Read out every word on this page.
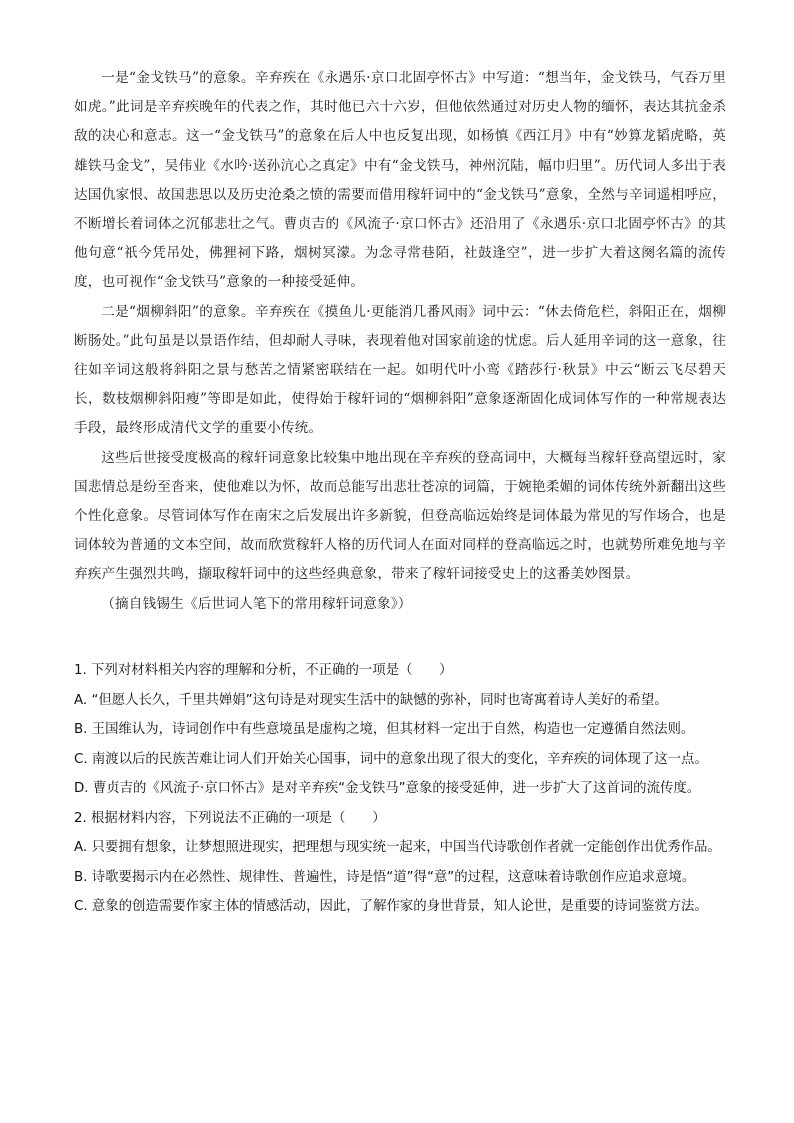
一是“金戈铁马”的意象。辛弃疾在《永遇乐·京口北固亭怀古》中写道：“想当年，金戈铁马，气吞万里如虎。”此词是辛弃疾晚年的代表之作，其时他已六十六岁，但他依然通过对历史人物的缅怀，表达其抗金杀敌的决心和意志。这一“金戈铁马”的意象在后人中也反复出现，如杨慎《西江月》中有“妙算龙韬虎略，英雄铁马金戈”，吴伟业《水吟·送孙沆心之真定》中有“金戈铁马，神州沉陆，幅巾归里”。历代词人多出于表达国仇家恨、故国悲思以及历史沧桑之愤的需要而借用稼轩词中的“金戈铁马”意象，全然与辛词遥相呼应，不断增长着词体之沉郁悲壮之气。曹贞吉的《风流子·京口怀古》还沿用了《永遇乐·京口北固亭怀古》的其他句意“祇今凭吊处，佛狸祠下路，烟树冥濛。为念寻常巷陌，社鼓逢空”，进一步扩大着这阕名篇的流传度，也可视作“金戈铁马”意象的一种接受延伸。

二是“烟柳斜阳”的意象。辛弃疾在《摸鱼儿·更能消几番风雨》词中云：“休去倚危栏，斜阳正在，烟柳断肠处。”此句虽是以景语作结，但却耐人寻味，表现着他对国家前途的忧虑。后人延用辛词的这一意象，往往如辛词这般将斜阳之景与愁苦之情紧密联结在一起。如明代叶小鸾《踏莎行·秋景》中云“断云飞尽碧天长，数枝烟柳斜阳瘦”等即是如此，使得始于稼轩词的“烟柳斜阳”意象逐渐固化成词体写作的一种常规表达手段，最终形成清代文学的重要小传统。

这些后世接受度极高的稼轩词意象比较集中地出现在辛弃疾的登高词中，大概每当稼轩登高望远时，家国悲情总是纷至沓来，使他难以为怀，故而总能写出悲壮苍凉的词篇，于婉艳柔媚的词体传统外新翻出这些个性化意象。尽管词体写作在南宋之后发展出许多新貌，但登高临远始终是词体最为常见的写作场合，也是词体较为普通的文本空间，故而欣赏稼轩人格的历代词人在面对同样的登高临远之时，也就势所难免地与辛弃疾产生强烈共鸣，撷取稼轩词中的这些经典意象，带来了稼轩词接受史上的这番美妙图景。

（摘自钱锡生《后世词人笔下的常用稼轩词意象》）

1. 下列对材料相关内容的理解和分析，不正确的一项是（　　）

A. “但愿人长久，千里共婵娟”这句诗是对现实生活中的缺憾的弥补，同时也寄寓着诗人美好的希望。

B. 王国维认为，诗词创作中有些意境虽是虚构之境，但其材料一定出于自然，构造也一定遵循自然法则。

C. 南渡以后的民族苦难让词人们开始关心国事，词中的意象出现了很大的变化，辛弃疾的词体现了这一点。

D. 曹贞吉的《风流子·京口怀古》是对辛弃疾“金戈铁马”意象的接受延伸，进一步扩大了这首词的流传度。

2. 根据材料内容，下列说法不正确的一项是（　　）

A. 只要拥有想象，让梦想照进现实，把理想与现实统一起来，中国当代诗歌创作者就一定能创作出优秀作品。

B. 诗歌要揭示内在必然性、规律性、普遍性，诗是悟“道”得“意”的过程，这意味着诗歌创作应追求意境。

C. 意象的创造需要作家主体的情感活动，因此，了解作家的身世背景，知人论世，是重要的诗词鉴赏方法。
